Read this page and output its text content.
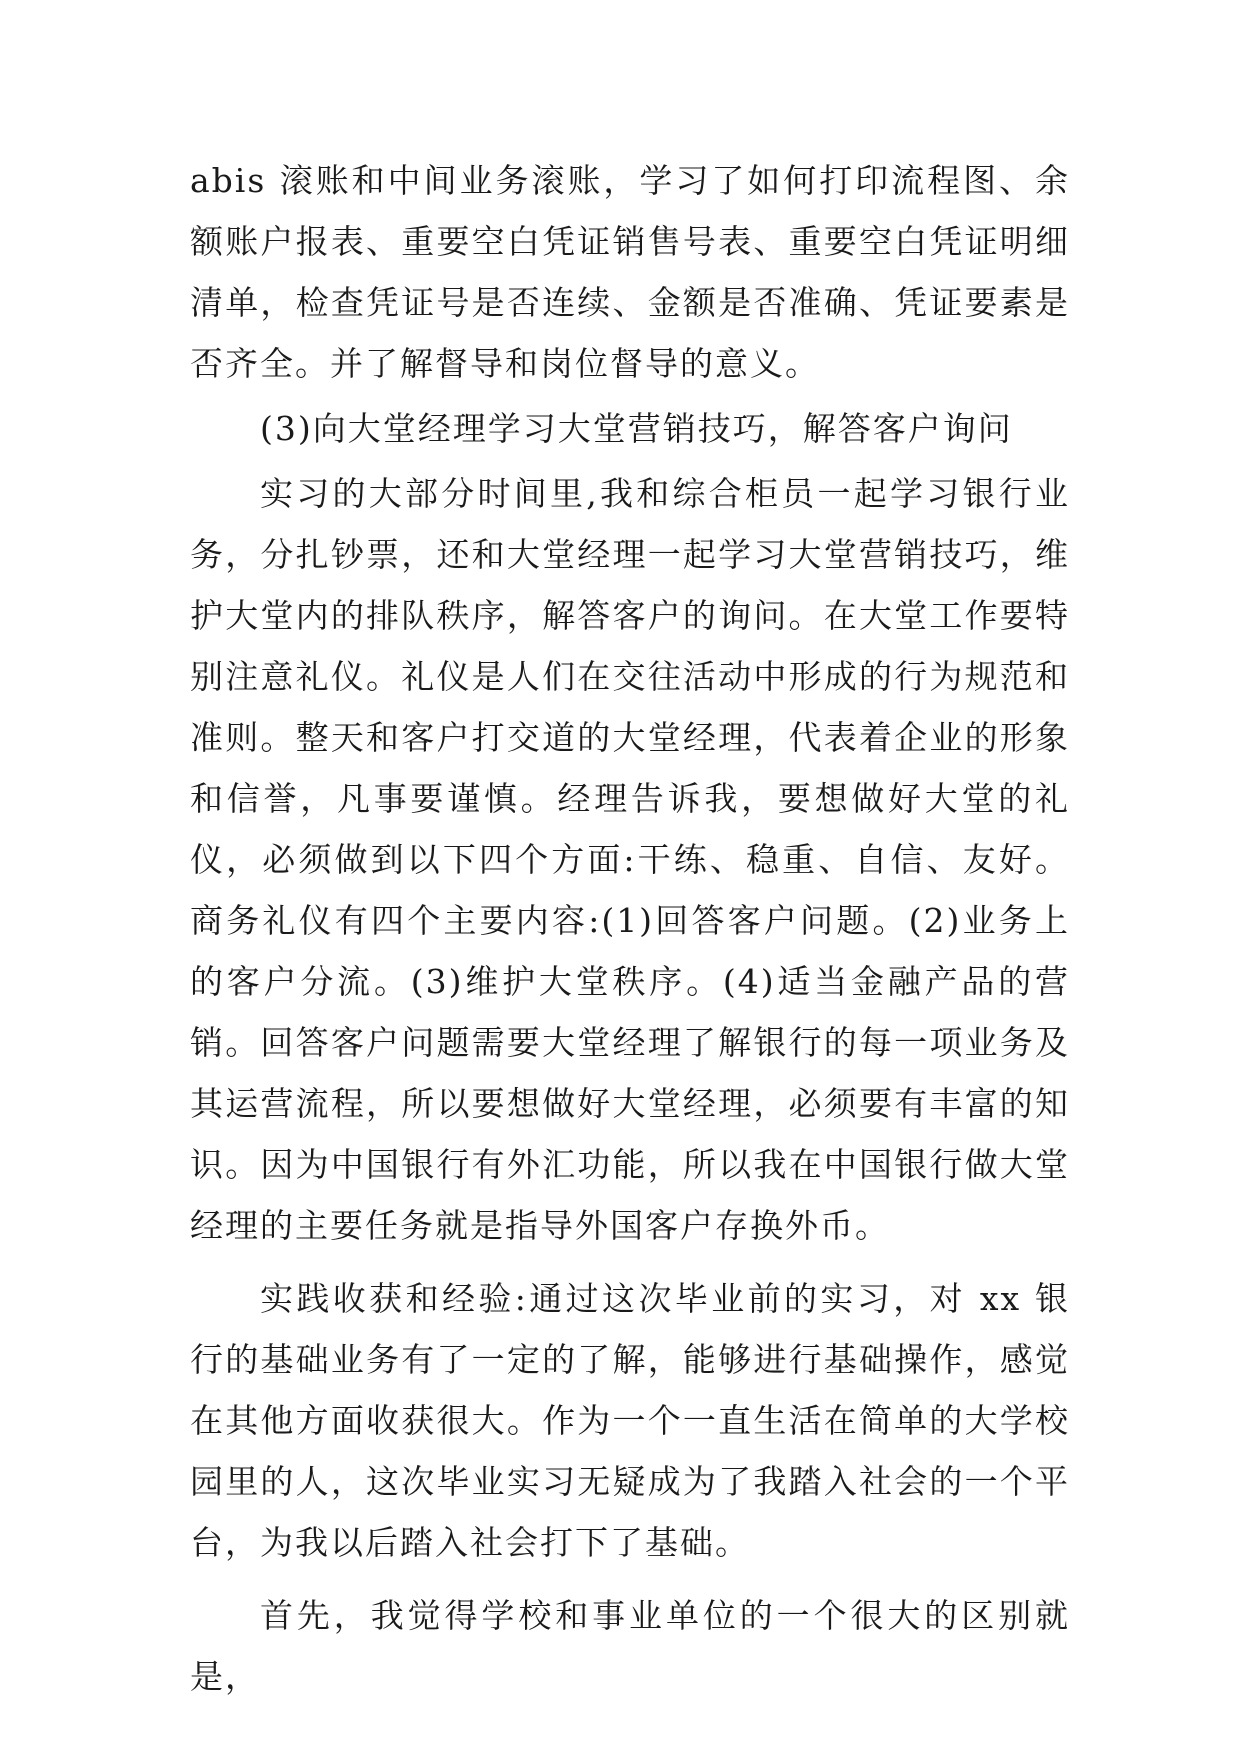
abis 滚账和中间业务滚账，学习了如何打印流程图、余额账户报表、重要空白凭证销售号表、重要空白凭证明细清单，检查凭证号是否连续、金额是否准确、凭证要素是否齐全。并了解督导和岗位督导的意义。

(3)向大堂经理学习大堂营销技巧，解答客户询问

实习的大部分时间里,我和综合柜员一起学习银行业务，分扎钞票，还和大堂经理一起学习大堂营销技巧，维护大堂内的排队秩序，解答客户的询问。在大堂工作要特别注意礼仪。礼仪是人们在交往活动中形成的行为规范和准则。整天和客户打交道的大堂经理，代表着企业的形象和信誉，凡事要谨慎。经理告诉我，要想做好大堂的礼仪，必须做到以下四个方面:干练、稳重、自信、友好。商务礼仪有四个主要内容:(1)回答客户问题。(2)业务上的客户分流。(3)维护大堂秩序。(4)适当金融产品的营销。回答客户问题需要大堂经理了解银行的每一项业务及其运营流程，所以要想做好大堂经理，必须要有丰富的知识。因为中国银行有外汇功能，所以我在中国银行做大堂经理的主要任务就是指导外国客户存换外币。

实践收获和经验:通过这次毕业前的实习，对 xx 银行的基础业务有了一定的了解，能够进行基础操作，感觉在其他方面收获很大。作为一个一直生活在简单的大学校园里的人，这次毕业实习无疑成为了我踏入社会的一个平台，为我以后踏入社会打下了基础。

首先，我觉得学校和事业单位的一个很大的区别就是，
